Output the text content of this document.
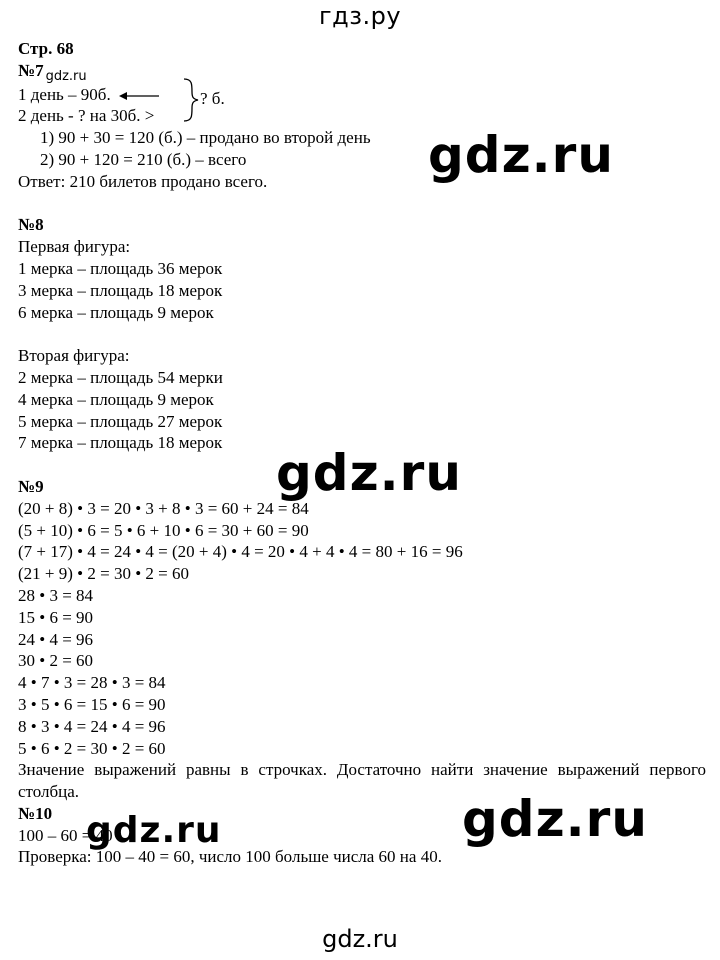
гдз.ру
Стр. 68
№7 $_{gdz.ru}$
1 день – 90б.
2 день - ? на 30б. >
1) 90 + 30 = 120 (б.) – продано во второй день
2) 90 + 120 = 210 (б.) – всего
Ответ: 210 билетов продано всего.
№8
Первая фигура:
1 мерка – площадь 36 мерок
3 мерка – площадь 18 мерок
6 мерка – площадь 9 мерок
Вторая фигура:
2 мерка – площадь 54 мерки
4 мерка – площадь 9 мерок
5 мерка – площадь 27 мерок
7 мерка – площадь 18 мерок
№9
(20 + 8) • 3 = 20 • 3 + 8 • 3 = 60 + 24 = 84
(5 + 10) • 6 = 5 • 6 + 10 • 6 = 30 + 60 = 90
(7 + 17) • 4 = 24 • 4 = (20 + 4) • 4 = 20 • 4 + 4 • 4 = 80 + 16 = 96
(21 + 9) • 2 = 30 • 2 = 60
28 • 3 = 84
15 • 6 = 90
24 • 4 = 96
30 • 2 = 60
4 • 7 • 3 = 28 • 3 = 84
3 • 5 • 6 = 15 • 6 = 90
8 • 3 • 4 = 24 • 4 = 96
5 • 6 • 2 = 30 • 2 = 60
Значение выражений равны в строчках. Достаточно найти значение выражений первого столбца.
№10
100 – 60 = 40
Проверка: 100 – 40 = 60, число 100 больше числа 60 на 40.
? б.
gdz.ru
gdz.ru
gdz.ru
gdz.ru
gdz.ru
